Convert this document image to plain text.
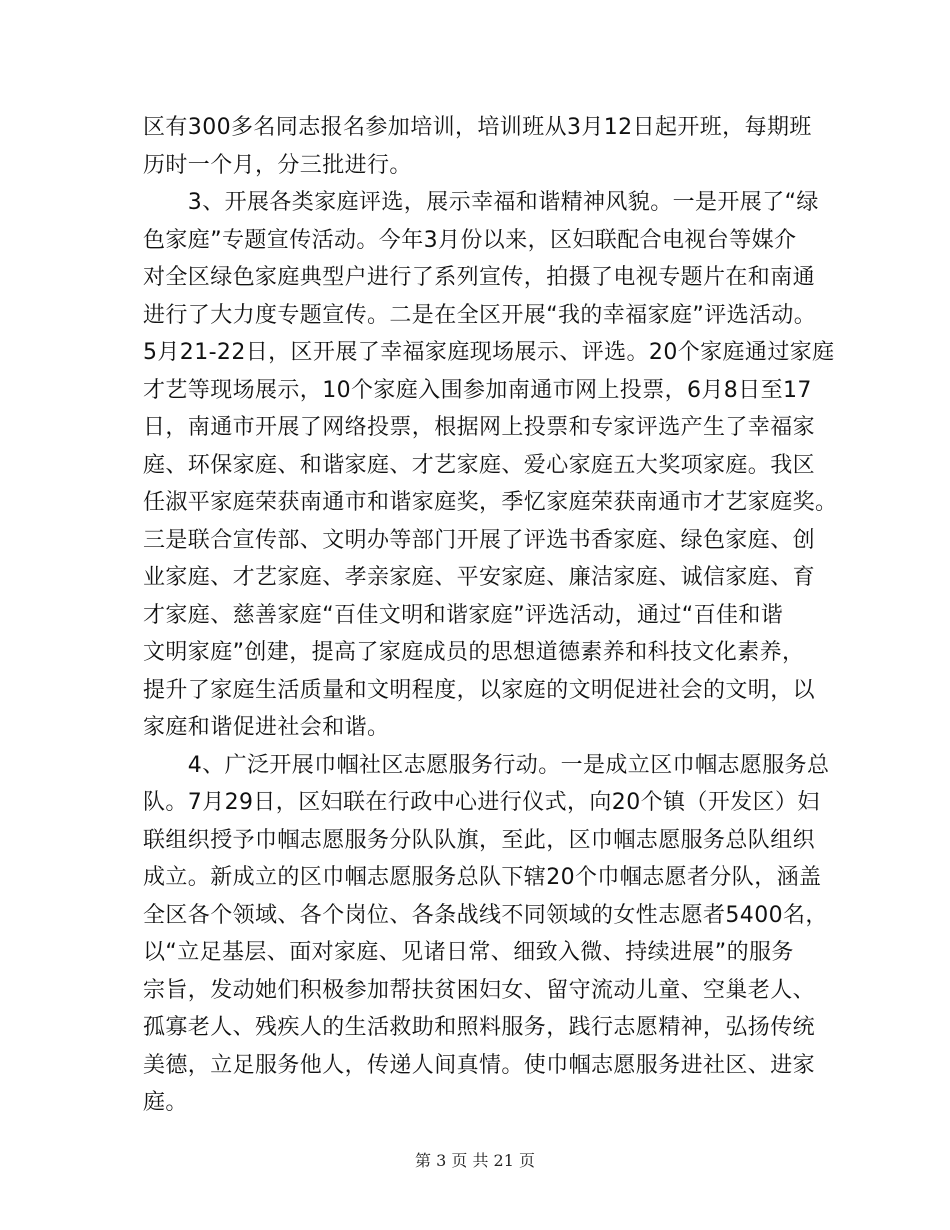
区有300多名同志报名参加培训，培训班从3月12日起开班，每期班
历时一个月，分三批进行。
　　3、开展各类家庭评选，展示幸福和谐精神风貌。一是开展了“绿
色家庭”专题宣传活动。今年3月份以来，区妇联配合电视台等媒介
对全区绿色家庭典型户进行了系列宣传，拍摄了电视专题片在和南通
进行了大力度专题宣传。二是在全区开展“我的幸福家庭”评选活动。
5月21-22日，区开展了幸福家庭现场展示、评选。20个家庭通过家庭
才艺等现场展示，10个家庭入围参加南通市网上投票，6月8日至17
日，南通市开展了网络投票，根据网上投票和专家评选产生了幸福家
庭、环保家庭、和谐家庭、才艺家庭、爱心家庭五大奖项家庭。我区
任淑平家庭荣获南通市和谐家庭奖，季忆家庭荣获南通市才艺家庭奖。
三是联合宣传部、文明办等部门开展了评选书香家庭、绿色家庭、创
业家庭、才艺家庭、孝亲家庭、平安家庭、廉洁家庭、诚信家庭、育
才家庭、慈善家庭“百佳文明和谐家庭”评选活动，通过“百佳和谐
文明家庭”创建，提高了家庭成员的思想道德素养和科技文化素养，
提升了家庭生活质量和文明程度，以家庭的文明促进社会的文明，以
家庭和谐促进社会和谐。
　　4、广泛开展巾帼社区志愿服务行动。一是成立区巾帼志愿服务总
队。7月29日，区妇联在行政中心进行仪式，向20个镇（开发区）妇
联组织授予巾帼志愿服务分队队旗，至此，区巾帼志愿服务总队组织
成立。新成立的区巾帼志愿服务总队下辖20个巾帼志愿者分队，涵盖
全区各个领域、各个岗位、各条战线不同领域的女性志愿者5400名，
以“立足基层、面对家庭、见诸日常、细致入微、持续进展”的服务
宗旨，发动她们积极参加帮扶贫困妇女、留守流动儿童、空巢老人、
孤寡老人、残疾人的生活救助和照料服务，践行志愿精神，弘扬传统
美德，立足服务他人，传递人间真情。使巾帼志愿服务进社区、进家
庭。
第 3 页 共 21 页
